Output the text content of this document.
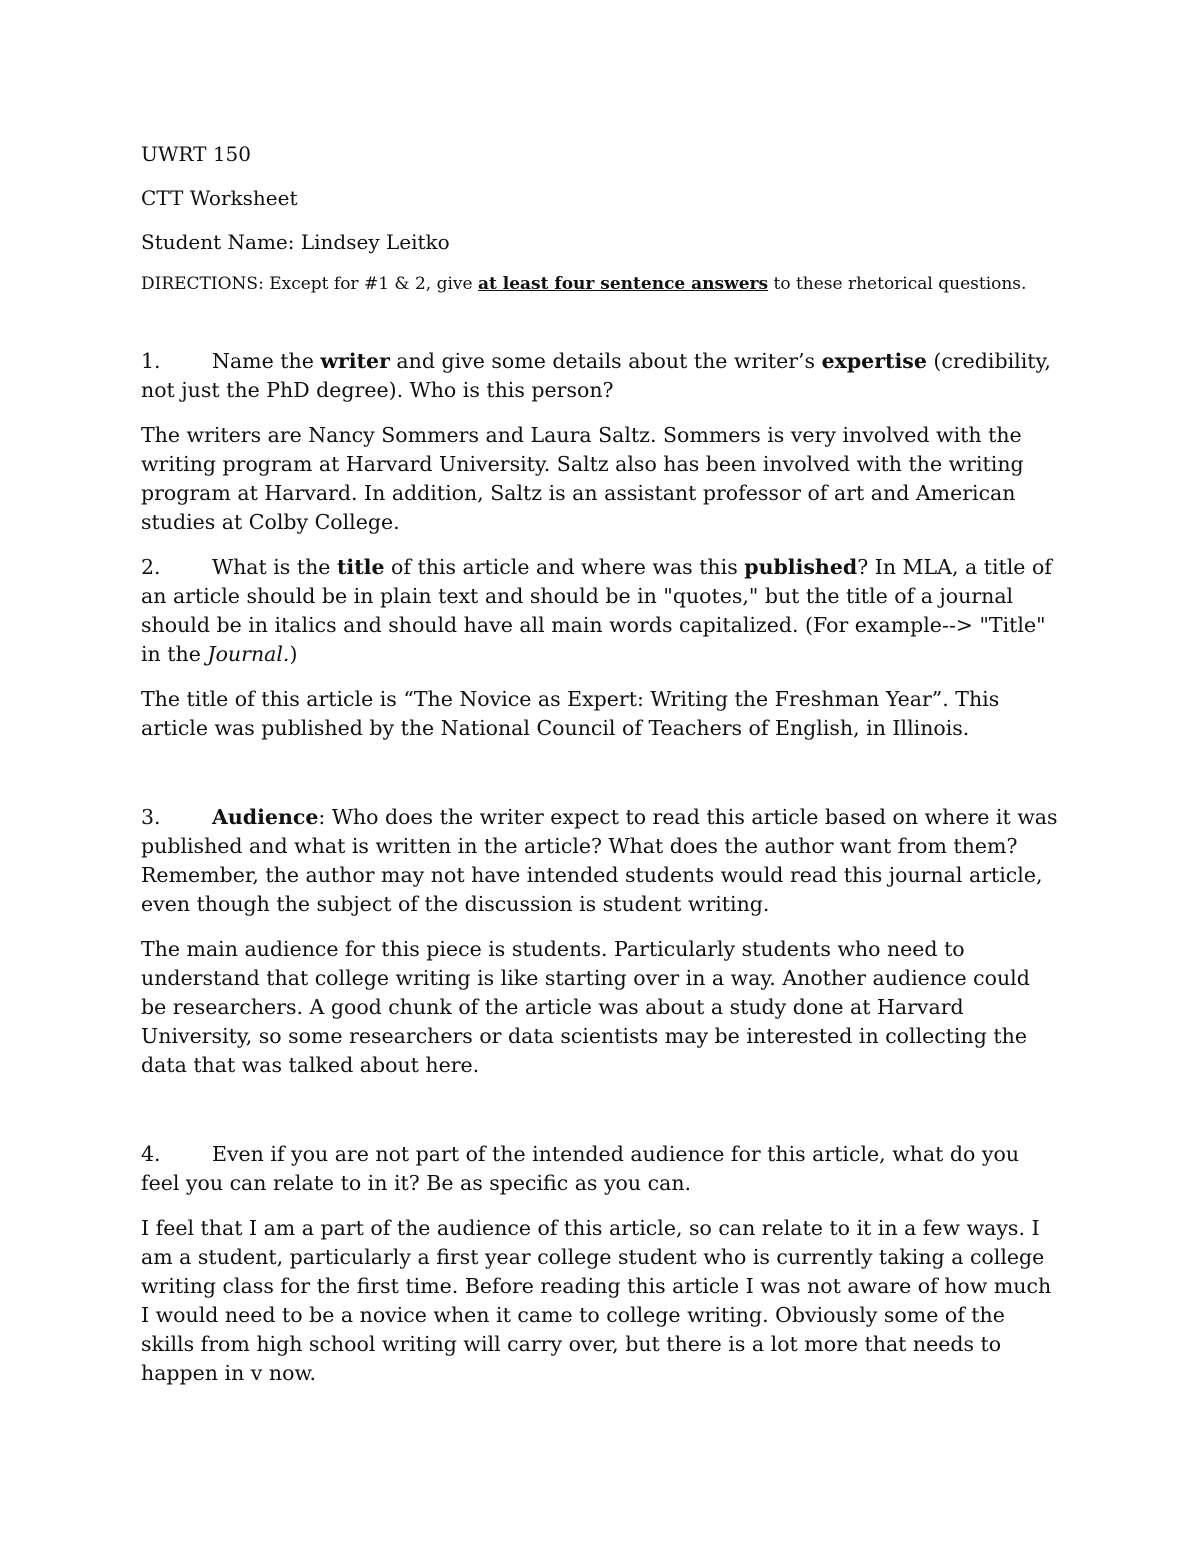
UWRT 150

CTT Worksheet

Student Name: Lindsey Leitko

DIRECTIONS: Except for #1 & 2, give at least four sentence answers to these rhetorical questions.

1.	Name the writer and give some details about the writer’s expertise (credibility, not just the PhD degree). Who is this person?

The writers are Nancy Sommers and Laura Saltz. Sommers is very involved with the writing program at Harvard University. Saltz also has been involved with the writing program at Harvard. In addition, Saltz is an assistant professor of art and American studies at Colby College.

2.	What is the title of this article and where was this published? In MLA, a title of an article should be in plain text and should be in "quotes," but the title of a journal should be in italics and should have all main words capitalized. (For example--> "Title" in the Journal.)

The title of this article is “The Novice as Expert: Writing the Freshman Year”. This article was published by the National Council of Teachers of English, in Illinois.

3.	Audience: Who does the writer expect to read this article based on where it was published and what is written in the article? What does the author want from them? Remember, the author may not have intended students would read this journal article, even though the subject of the discussion is student writing.

The main audience for this piece is students. Particularly students who need to understand that college writing is like starting over in a way. Another audience could be researchers. A good chunk of the article was about a study done at Harvard University, so some researchers or data scientists may be interested in collecting the data that was talked about here.

4.	Even if you are not part of the intended audience for this article, what do you feel you can relate to in it? Be as specific as you can.

I feel that I am a part of the audience of this article, so can relate to it in a few ways. I am a student, particularly a first year college student who is currently taking a college writing class for the first time. Before reading this article I was not aware of how much I would need to be a novice when it came to college writing. Obviously some of the skills from high school writing will carry over, but there is a lot more that needs to happen in v now.
